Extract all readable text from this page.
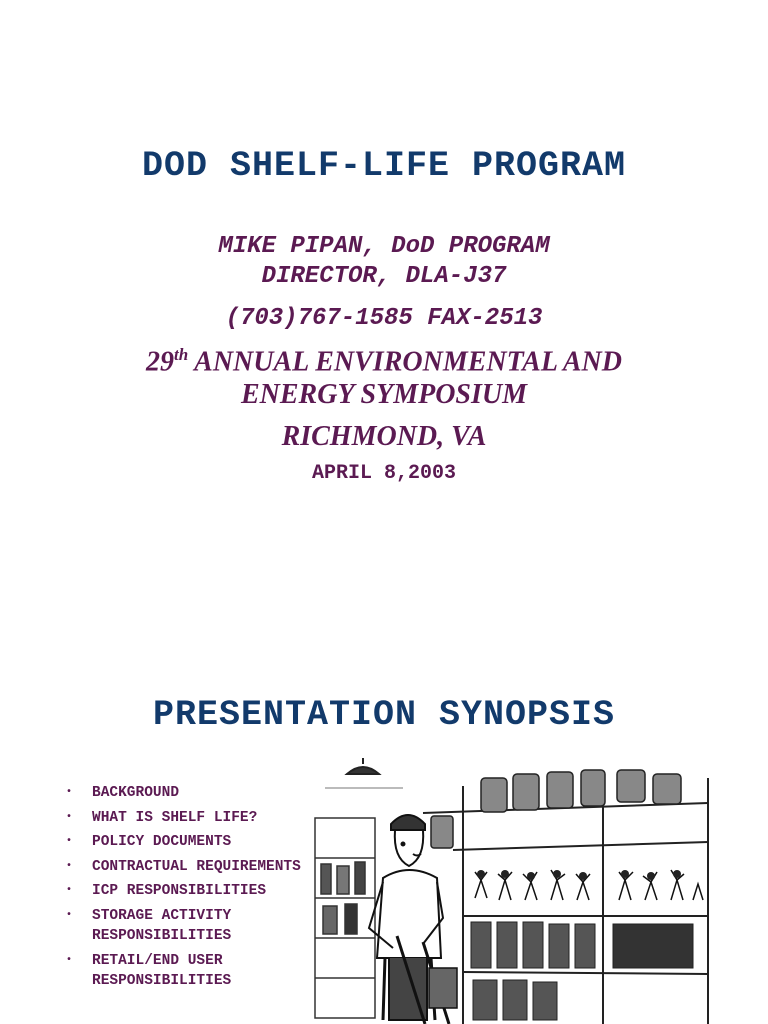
DOD SHELF-LIFE PROGRAM
MIKE PIPAN, DoD PROGRAM
DIRECTOR, DLA-J37
(703)767-1585 FAX-2513
29th ANNUAL ENVIRONMENTAL AND
ENERGY SYMPOSIUM
RICHMOND, VA
APRIL 8,2003
PRESENTATION SYNOPSIS
• BACKGROUND
• WHAT IS SHELF LIFE?
• POLICY DOCUMENTS
• CONTRACTUAL REQUIREMENTS
• ICP RESPONSIBILITIES
• STORAGE ACTIVITY RESPONSIBILITIES
• RETAIL/END USER RESPONSIBILITIES
